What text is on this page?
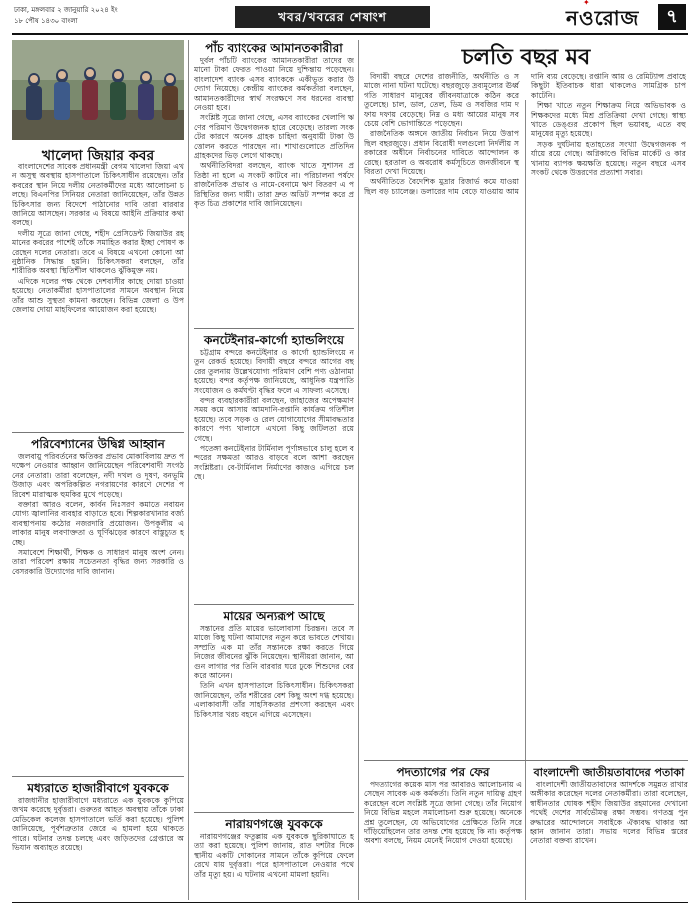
ঢাকা, মঙ্গলবার ২ জানুয়ারি ২০২৪ ইং
১৮ পৌষ ১৪৩০ বাংলা	খবর/খবরের শেষাংশ	নওরোজ
✦
৭
খালেদা জিয়ার কবর

বাংলাদেশের সাবেক প্রধানমন্ত্রী বেগম খালেদা জিয়া এখন অসুস্থ অবস্থায় হাসপাতালে চিকিৎসাধীন রয়েছেন। তাঁর কবরের স্থান নিয়ে দলীয় নেতাকর্মীদের মধ্যে আলোচনা চলছে। বিএনপির সিনিয়র নেতারা জানিয়েছেন, তাঁর উন্নত চিকিৎসার জন্য বিদেশে পাঠানোর দাবি তারা বারবার জানিয়ে আসছেন। সরকার এ বিষয়ে আইনি প্রক্রিয়ার কথা বলছে।

দলীয় সূত্রে জানা গেছে, শহীদ প্রেসিডেন্ট জিয়াউর রহমানের কবরের পাশেই তাঁকে সমাহিত করার ইচ্ছা পোষণ করেছেন দলের নেতারা। তবে এ বিষয়ে এখনো কোনো আনুষ্ঠানিক সিদ্ধান্ত হয়নি। চিকিৎসকরা বলছেন, তাঁর শারীরিক অবস্থা স্থিতিশীল থাকলেও ঝুঁকিমুক্ত নয়।

এদিকে দলের পক্ষ থেকে দেশবাসীর কাছে দোয়া চাওয়া হয়েছে। নেতাকর্মীরা হাসপাতালের সামনে অবস্থান নিয়ে তাঁর আশু সুস্থতা কামনা করছেন। বিভিন্ন জেলা ও উপজেলায় দোয়া মাহফিলের আয়োজন করা হয়েছে।

পরিবেশ্যানের উদ্বিগ্ন আহ্বান

জলবায়ু পরিবর্তনের ক্ষতিকর প্রভাব মোকাবিলায় দ্রুত পদক্ষেপ নেওয়ার আহ্বান জানিয়েছেন পরিবেশবাদী সংগঠনের নেতারা। তারা বলেছেন, নদী দখল ও দূষণ, বনভূমি উজাড় এবং অপরিকল্পিত নগরায়ণের কারণে দেশের পরিবেশ মারাত্মক হুমকির মুখে পড়েছে।

বক্তারা আরও বলেন, কার্বন নিঃসরণ কমাতে নবায়নযোগ্য জ্বালানির ব্যবহার বাড়াতে হবে। শিল্পকারখানার বর্জ্য ব্যবস্থাপনায় কঠোর নজরদারি প্রয়োজন। উপকূলীয় এলাকার মানুষ লবণাক্ততা ও ঘূর্ণিঝড়ের কারণে বাস্তুচ্যুত হচ্ছে।

সমাবেশে শিক্ষার্থী, শিক্ষক ও সাধারণ মানুষ অংশ নেন। তারা পরিবেশ রক্ষায় সচেতনতা বৃদ্ধির জন্য সরকারি ও বেসরকারি উদ্যোগের দাবি জানান।

মধ্যরাতে হাজারীবাগে যুবককে

রাজধানীর হাজারীবাগে মধ্যরাতে এক যুবককে কুপিয়ে জখম করেছে দুর্বৃত্তরা। গুরুতর আহত অবস্থায় তাঁকে ঢাকা মেডিকেল কলেজ হাসপাতালে ভর্তি করা হয়েছে। পুলিশ জানিয়েছে, পূর্বশত্রুতার জেরে এ হামলা হয়ে থাকতে পারে। ঘটনার তদন্ত চলছে এবং জড়িতদের গ্রেপ্তারে অভিযান অব্যাহত রয়েছে।

পাঁচ ব্যাংকের আমানতকারীরা

দুর্বল পাঁচটি ব্যাংকের আমানতকারীরা তাদের জমানো টাকা ফেরত পাওয়া নিয়ে দুশ্চিন্তায় পড়েছেন। বাংলাদেশ ব্যাংক এসব ব্যাংককে একীভূত করার উদ্যোগ নিয়েছে। কেন্দ্রীয় ব্যাংকের কর্মকর্তারা বলছেন, আমানতকারীদের স্বার্থ সংরক্ষণে সব ধরনের ব্যবস্থা নেওয়া হবে।

সংশ্লিষ্ট সূত্রে জানা গেছে, এসব ব্যাংকের খেলাপি ঋণের পরিমাণ উদ্বেগজনক হারে বেড়েছে। তারল্য সংকটের কারণে অনেক গ্রাহক চাহিদা অনুযায়ী টাকা উত্তোলন করতে পারছেন না। শাখাগুলোতে প্রতিদিন গ্রাহকদের ভিড় লেগে থাকছে।

অর্থনীতিবিদরা বলছেন, ব্যাংক খাতে সুশাসন প্রতিষ্ঠা না হলে এ সংকট কাটবে না। পরিচালনা পর্ষদে রাজনৈতিক প্রভাব ও নামে-বেনামে ঋণ বিতরণ এ পরিস্থিতির জন্য দায়ী। তারা দ্রুত অডিট সম্পন্ন করে প্রকৃত চিত্র প্রকাশের দাবি জানিয়েছেন।

কনটেইনার-কার্গো হ্যান্ডলিংয়ে

চট্টগ্রাম বন্দরে কনটেইনার ও কার্গো হ্যান্ডলিংয়ে নতুন রেকর্ড হয়েছে। বিদায়ী বছরে বন্দরে আগের বছরের তুলনায় উল্লেখযোগ্য পরিমাণ বেশি পণ্য ওঠানামা হয়েছে। বন্দর কর্তৃপক্ষ জানিয়েছে, আধুনিক যন্ত্রপাতি সংযোজন ও কর্মঘণ্টা বৃদ্ধির ফলে এ সাফল্য এসেছে।

বন্দর ব্যবহারকারীরা বলছেন, জাহাজের অপেক্ষমাণ সময় কমে আসায় আমদানি-রপ্তানি কার্যক্রম গতিশীল হয়েছে। তবে সড়ক ও রেল যোগাযোগের সীমাবদ্ধতার কারণে পণ্য খালাসে এখনো কিছু জটিলতা রয়ে গেছে।

পতেঙ্গা কনটেইনার টার্মিনাল পূর্ণাঙ্গভাবে চালু হলে বন্দরের সক্ষমতা আরও বাড়বে বলে আশা করছেন সংশ্লিষ্টরা। বে-টার্মিনাল নির্মাণের কাজও এগিয়ে চলছে।

মায়ের অন্যরূপ আছে

সন্তানের প্রতি মায়ের ভালোবাসা চিরন্তন। তবে সমাজে কিছু ঘটনা আমাদের নতুন করে ভাবতে শেখায়। সম্প্রতি এক মা তাঁর সন্তানকে রক্ষা করতে গিয়ে নিজের জীবনের ঝুঁকি নিয়েছেন। স্থানীয়রা জানান, আগুন লাগার পর তিনি বারবার ঘরে ঢুকে শিশুদের বের করে আনেন।

তিনি এখন হাসপাতালে চিকিৎসাধীন। চিকিৎসকরা জানিয়েছেন, তাঁর শরীরের বেশ কিছু অংশ দগ্ধ হয়েছে। এলাকাবাসী তাঁর সাহসিকতার প্রশংসা করছেন এবং চিকিৎসার খরচ বহনে এগিয়ে এসেছেন।

নারায়ণগঞ্জে যুবককে

নারায়ণগঞ্জের ফতুল্লায় এক যুবককে ছুরিকাঘাতে হত্যা করা হয়েছে। পুলিশ জানায়, রাত দশটার দিকে স্থানীয় একটি দোকানের সামনে তাঁকে কুপিয়ে ফেলে রেখে যায় দুর্বৃত্তরা। পরে হাসপাতালে নেওয়ার পথে তাঁর মৃত্যু হয়। এ ঘটনায় এখনো মামলা হয়নি।

চলতি বছর মব

বিদায়ী বছরে দেশের রাজনীতি, অর্থনীতি ও সমাজে নানা ঘটনা ঘটেছে। বছরজুড়ে দ্রব্যমূল্যের ঊর্ধ্বগতি সাধারণ মানুষের জীবনযাত্রাকে কঠিন করে তুলেছে। চাল, ডাল, তেল, ডিম ও সবজির দাম দফায় দফায় বেড়েছে। নিম্ন ও মধ্য আয়ের মানুষ সবচেয়ে বেশি ভোগান্তিতে পড়েছেন।

রাজনৈতিক অঙ্গনে জাতীয় নির্বাচন নিয়ে উত্তাপ ছিল বছরজুড়ে। প্রধান বিরোধী দলগুলো নির্দলীয় সরকারের অধীনে নির্বাচনের দাবিতে আন্দোলন করেছে। হরতাল ও অবরোধ কর্মসূচিতে জনজীবনে স্থবিরতা দেখা দিয়েছে।

অর্থনীতিতে বৈদেশিক মুদ্রার রিজার্ভ কমে যাওয়া ছিল বড় চ্যালেঞ্জ। ডলারের দাম বেড়ে যাওয়ায় আমদানি ব্যয় বেড়েছে। রপ্তানি আয় ও রেমিট্যান্স প্রবাহে কিছুটা ইতিবাচক ধারা থাকলেও সামগ্রিক চাপ কাটেনি।

শিক্ষা খাতে নতুন শিক্ষাক্রম নিয়ে অভিভাবক ও শিক্ষকদের মধ্যে মিশ্র প্রতিক্রিয়া দেখা গেছে। স্বাস্থ্য খাতে ডেঙ্গুর প্রকোপ ছিল ভয়াবহ, এতে বহু মানুষের মৃত্যু হয়েছে।

সড়ক দুর্ঘটনায় হতাহতের সংখ্যা উদ্বেগজনক পর্যায়ে রয়ে গেছে। অগ্নিকাণ্ডে বিভিন্ন মার্কেট ও কারখানায় ব্যাপক ক্ষয়ক্ষতি হয়েছে। নতুন বছরে এসব সংকট থেকে উত্তরণের প্রত্যাশা সবার।

পদত্যাগের পর ফের

পদত্যাগের কয়েক মাস পর আবারও আলোচনায় এসেছেন সাবেক এক কর্মকর্তা। তিনি নতুন দায়িত্ব গ্রহণ করেছেন বলে সংশ্লিষ্ট সূত্রে জানা গেছে। তাঁর নিয়োগ নিয়ে বিভিন্ন মহলে সমালোচনা শুরু হয়েছে। অনেকে প্রশ্ন তুলেছেন, যে অভিযোগের প্রেক্ষিতে তিনি সরে দাঁড়িয়েছিলেন তার তদন্ত শেষ হয়েছে কি না। কর্তৃপক্ষ অবশ্য বলছে, নিয়ম মেনেই নিয়োগ দেওয়া হয়েছে।

বাংলাদেশী জাতীয়তাবাদের পতাকা

বাংলাদেশী জাতীয়তাবাদের আদর্শকে সমুন্নত রাখার অঙ্গীকার করেছেন দলের নেতাকর্মীরা। তারা বলেছেন, স্বাধীনতার ঘোষক শহীদ জিয়াউর রহমানের দেখানো পথেই দেশের সার্বভৌমত্ব রক্ষা সম্ভব। গণতন্ত্র পুনরুদ্ধারের আন্দোলনে সবাইকে ঐক্যবদ্ধ থাকার আহ্বান জানান তারা। সভায় দলের বিভিন্ন স্তরের নেতারা বক্তব্য রাখেন।
